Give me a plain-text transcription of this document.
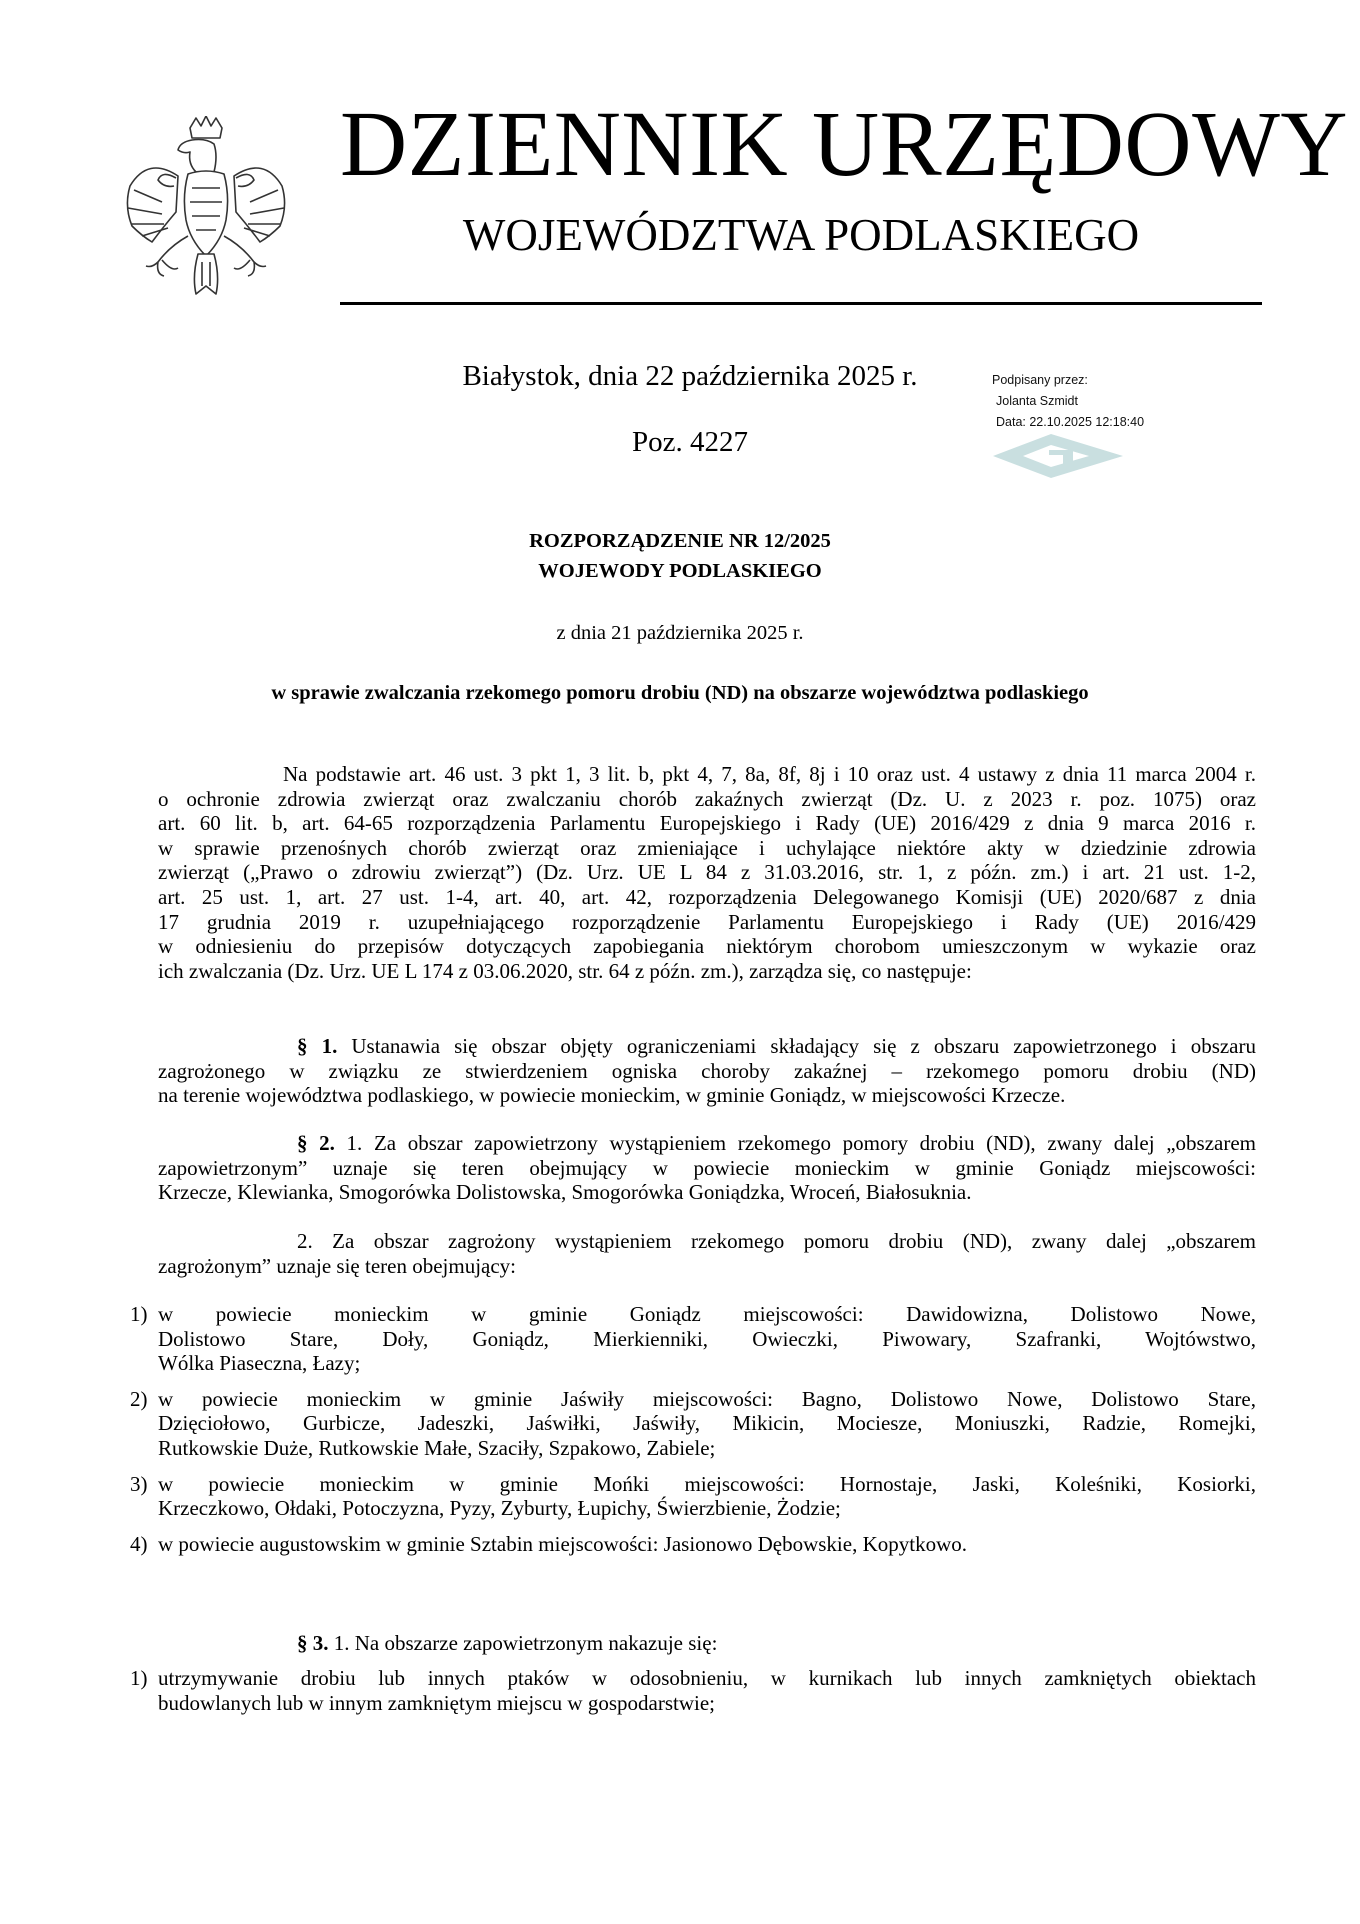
DZIENNIK URZĘDOWY
WOJEWÓDZTWA PODLASKIEGO
Białystok, dnia 22 października 2025 r.
Poz. 4227
Podpisany przez:
Jolanta Szmidt
Data: 22.10.2025 12:18:40
ROZPORZĄDZENIE NR 12/2025
WOJEWODY PODLASKIEGO
z dnia 21 października 2025 r.
w sprawie zwalczania rzekomego pomoru drobiu (ND) na obszarze województwa podlaskiego
Na podstawie art. 46 ust. 3 pkt 1, 3 lit. b, pkt 4, 7, 8a, 8f, 8j i 10 oraz ust. 4 ustawy z dnia 11 marca 2004 r.
o ochronie zdrowia zwierząt oraz zwalczaniu chorób zakaźnych zwierząt (Dz. U. z 2023 r. poz. 1075) oraz
art. 60 lit. b, art. 64-65 rozporządzenia Parlamentu Europejskiego i Rady (UE) 2016/429 z dnia 9 marca 2016 r.
w sprawie przenośnych chorób zwierząt oraz zmieniające i uchylające niektóre akty w dziedzinie zdrowia
zwierząt („Prawo o zdrowiu zwierząt”) (Dz. Urz. UE L 84 z 31.03.2016, str. 1, z późn. zm.) i art. 21 ust. 1-2,
art. 25 ust. 1, art. 27 ust. 1-4, art. 40, art. 42, rozporządzenia Delegowanego Komisji (UE) 2020/687 z dnia
17 grudnia 2019 r. uzupełniającego rozporządzenie Parlamentu Europejskiego i Rady (UE) 2016/429
w odniesieniu do przepisów dotyczących zapobiegania niektórym chorobom umieszczonym w wykazie oraz
ich zwalczania (Dz. Urz. UE L 174 z 03.06.2020, str. 64 z późn. zm.), zarządza się, co następuje:
§ 1. Ustanawia się obszar objęty ograniczeniami składający się z obszaru zapowietrzonego i obszaru
zagrożonego w związku ze stwierdzeniem ogniska choroby zakaźnej – rzekomego pomoru drobiu (ND)
na terenie województwa podlaskiego, w powiecie monieckim, w gminie Goniądz, w miejscowości Krzecze.
§ 2. 1. Za obszar zapowietrzony wystąpieniem rzekomego pomory drobiu (ND), zwany dalej „obszarem
zapowietrzonym” uznaje się teren obejmujący w powiecie monieckim w gminie Goniądz miejscowości:
Krzecze, Klewianka, Smogorówka Dolistowska, Smogorówka Goniądzka, Wroceń, Białosuknia.
2. Za obszar zagrożony wystąpieniem rzekomego pomoru drobiu (ND), zwany dalej „obszarem
zagrożonym” uznaje się teren obejmujący:
1) w powiecie monieckim w gminie Goniądz miejscowości: Dawidowizna, Dolistowo Nowe,
Dolistowo Stare, Doły, Goniądz, Mierkienniki, Owieczki, Piwowary, Szafranki, Wojtówstwo,
Wólka Piaseczna, Łazy;
2) w powiecie monieckim w gminie Jaświły miejscowości: Bagno, Dolistowo Nowe, Dolistowo Stare,
Dzięciołowo, Gurbicze, Jadeszki, Jaświłki, Jaświły, Mikicin, Mociesze, Moniuszki, Radzie, Romejki,
Rutkowskie Duże, Rutkowskie Małe, Szaciły, Szpakowo, Zabiele;
3) w powiecie monieckim w gminie Mońki miejscowości: Hornostaje, Jaski, Koleśniki, Kosiorki,
Krzeczkowo, Ołdaki, Potoczyzna, Pyzy, Zyburty, Łupichy, Świerzbienie, Żodzie;
4) w powiecie augustowskim w gminie Sztabin miejscowości: Jasionowo Dębowskie, Kopytkowo.
§ 3. 1. Na obszarze zapowietrzonym nakazuje się:
1) utrzymywanie drobiu lub innych ptaków w odosobnieniu, w kurnikach lub innych zamkniętych obiektach
budowlanych lub w innym zamkniętym miejscu w gospodarstwie;
